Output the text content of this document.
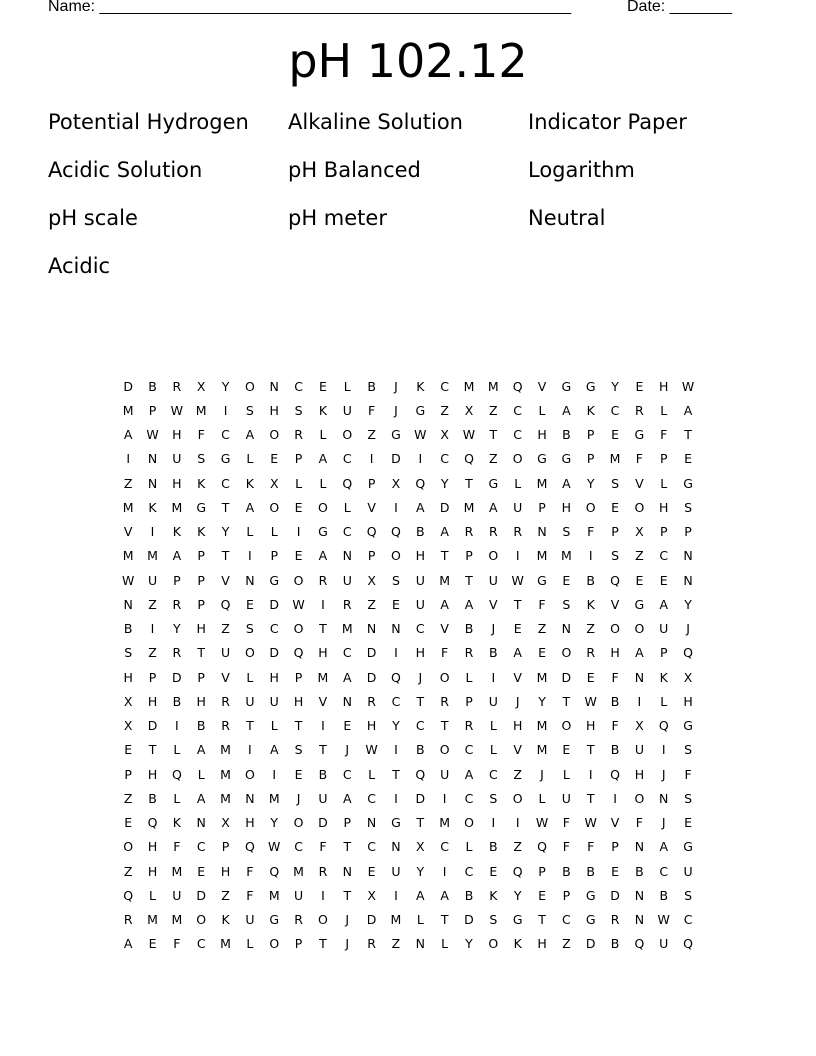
Name: _____________________________________________________	Date: _______
pH 102.12
Potential Hydrogen	Alkaline Solution	Indicator Paper
Acidic Solution	pH Balanced	Logarithm
pH scale	pH meter	Neutral
Acidic
D	B	R	X	Y	O	N	C	E	L	B	J	K	C	M	M	Q	V	G	G	Y	E	H	W
M	P	W	M	I	S	H	S	K	U	F	J	G	Z	X	Z	C	L	A	K	C	R	L	A
A	W	H	F	C	A	O	R	L	O	Z	G	W	X	W	T	C	H	B	P	E	G	F	T
I	N	U	S	G	L	E	P	A	C	I	D	I	C	Q	Z	O	G	G	P	M	F	P	E
Z	N	H	K	C	K	X	L	L	Q	P	X	Q	Y	T	G	L	M	A	Y	S	V	L	G
M	K	M	G	T	A	O	E	O	L	V	I	A	D	M	A	U	P	H	O	E	O	H	S
V	I	K	K	Y	L	L	I	G	C	Q	Q	B	A	R	R	R	N	S	F	P	X	P	P
M	M	A	P	T	I	P	E	A	N	P	O	H	T	P	O	I	M	M	I	S	Z	C	N
W	U	P	P	V	N	G	O	R	U	X	S	U	M	T	U	W	G	E	B	Q	E	E	N
N	Z	R	P	Q	E	D	W	I	R	Z	E	U	A	A	V	T	F	S	K	V	G	A	Y
B	I	Y	H	Z	S	C	O	T	M	N	N	C	V	B	J	E	Z	N	Z	O	O	U	J
S	Z	R	T	U	O	D	Q	H	C	D	I	H	F	R	B	A	E	O	R	H	A	P	Q
H	P	D	P	V	L	H	P	M	A	D	Q	J	O	L	I	V	M	D	E	F	N	K	X
X	H	B	H	R	U	U	H	V	N	R	C	T	R	P	U	J	Y	T	W	B	I	L	H
X	D	I	B	R	T	L	T	I	E	H	Y	C	T	R	L	H	M	O	H	F	X	Q	G
E	T	L	A	M	I	A	S	T	J	W	I	B	O	C	L	V	M	E	T	B	U	I	S
P	H	Q	L	M	O	I	E	B	C	L	T	Q	U	A	C	Z	J	L	I	Q	H	J	F
Z	B	L	A	M	N	M	J	U	A	C	I	D	I	C	S	O	L	U	T	I	O	N	S
E	Q	K	N	X	H	Y	O	D	P	N	G	T	M	O	I	I	W	F	W	V	F	J	E
O	H	F	C	P	Q	W	C	F	T	C	N	X	C	L	B	Z	Q	F	F	P	N	A	G
Z	H	M	E	H	F	Q	M	R	N	E	U	Y	I	C	E	Q	P	B	B	E	B	C	U
Q	L	U	D	Z	F	M	U	I	T	X	I	A	A	B	K	Y	E	P	G	D	N	B	S
R	M	M	O	K	U	G	R	O	J	D	M	L	T	D	S	G	T	C	G	R	N	W	C
A	E	F	C	M	L	O	P	T	J	R	Z	N	L	Y	O	K	H	Z	D	B	Q	U	Q
